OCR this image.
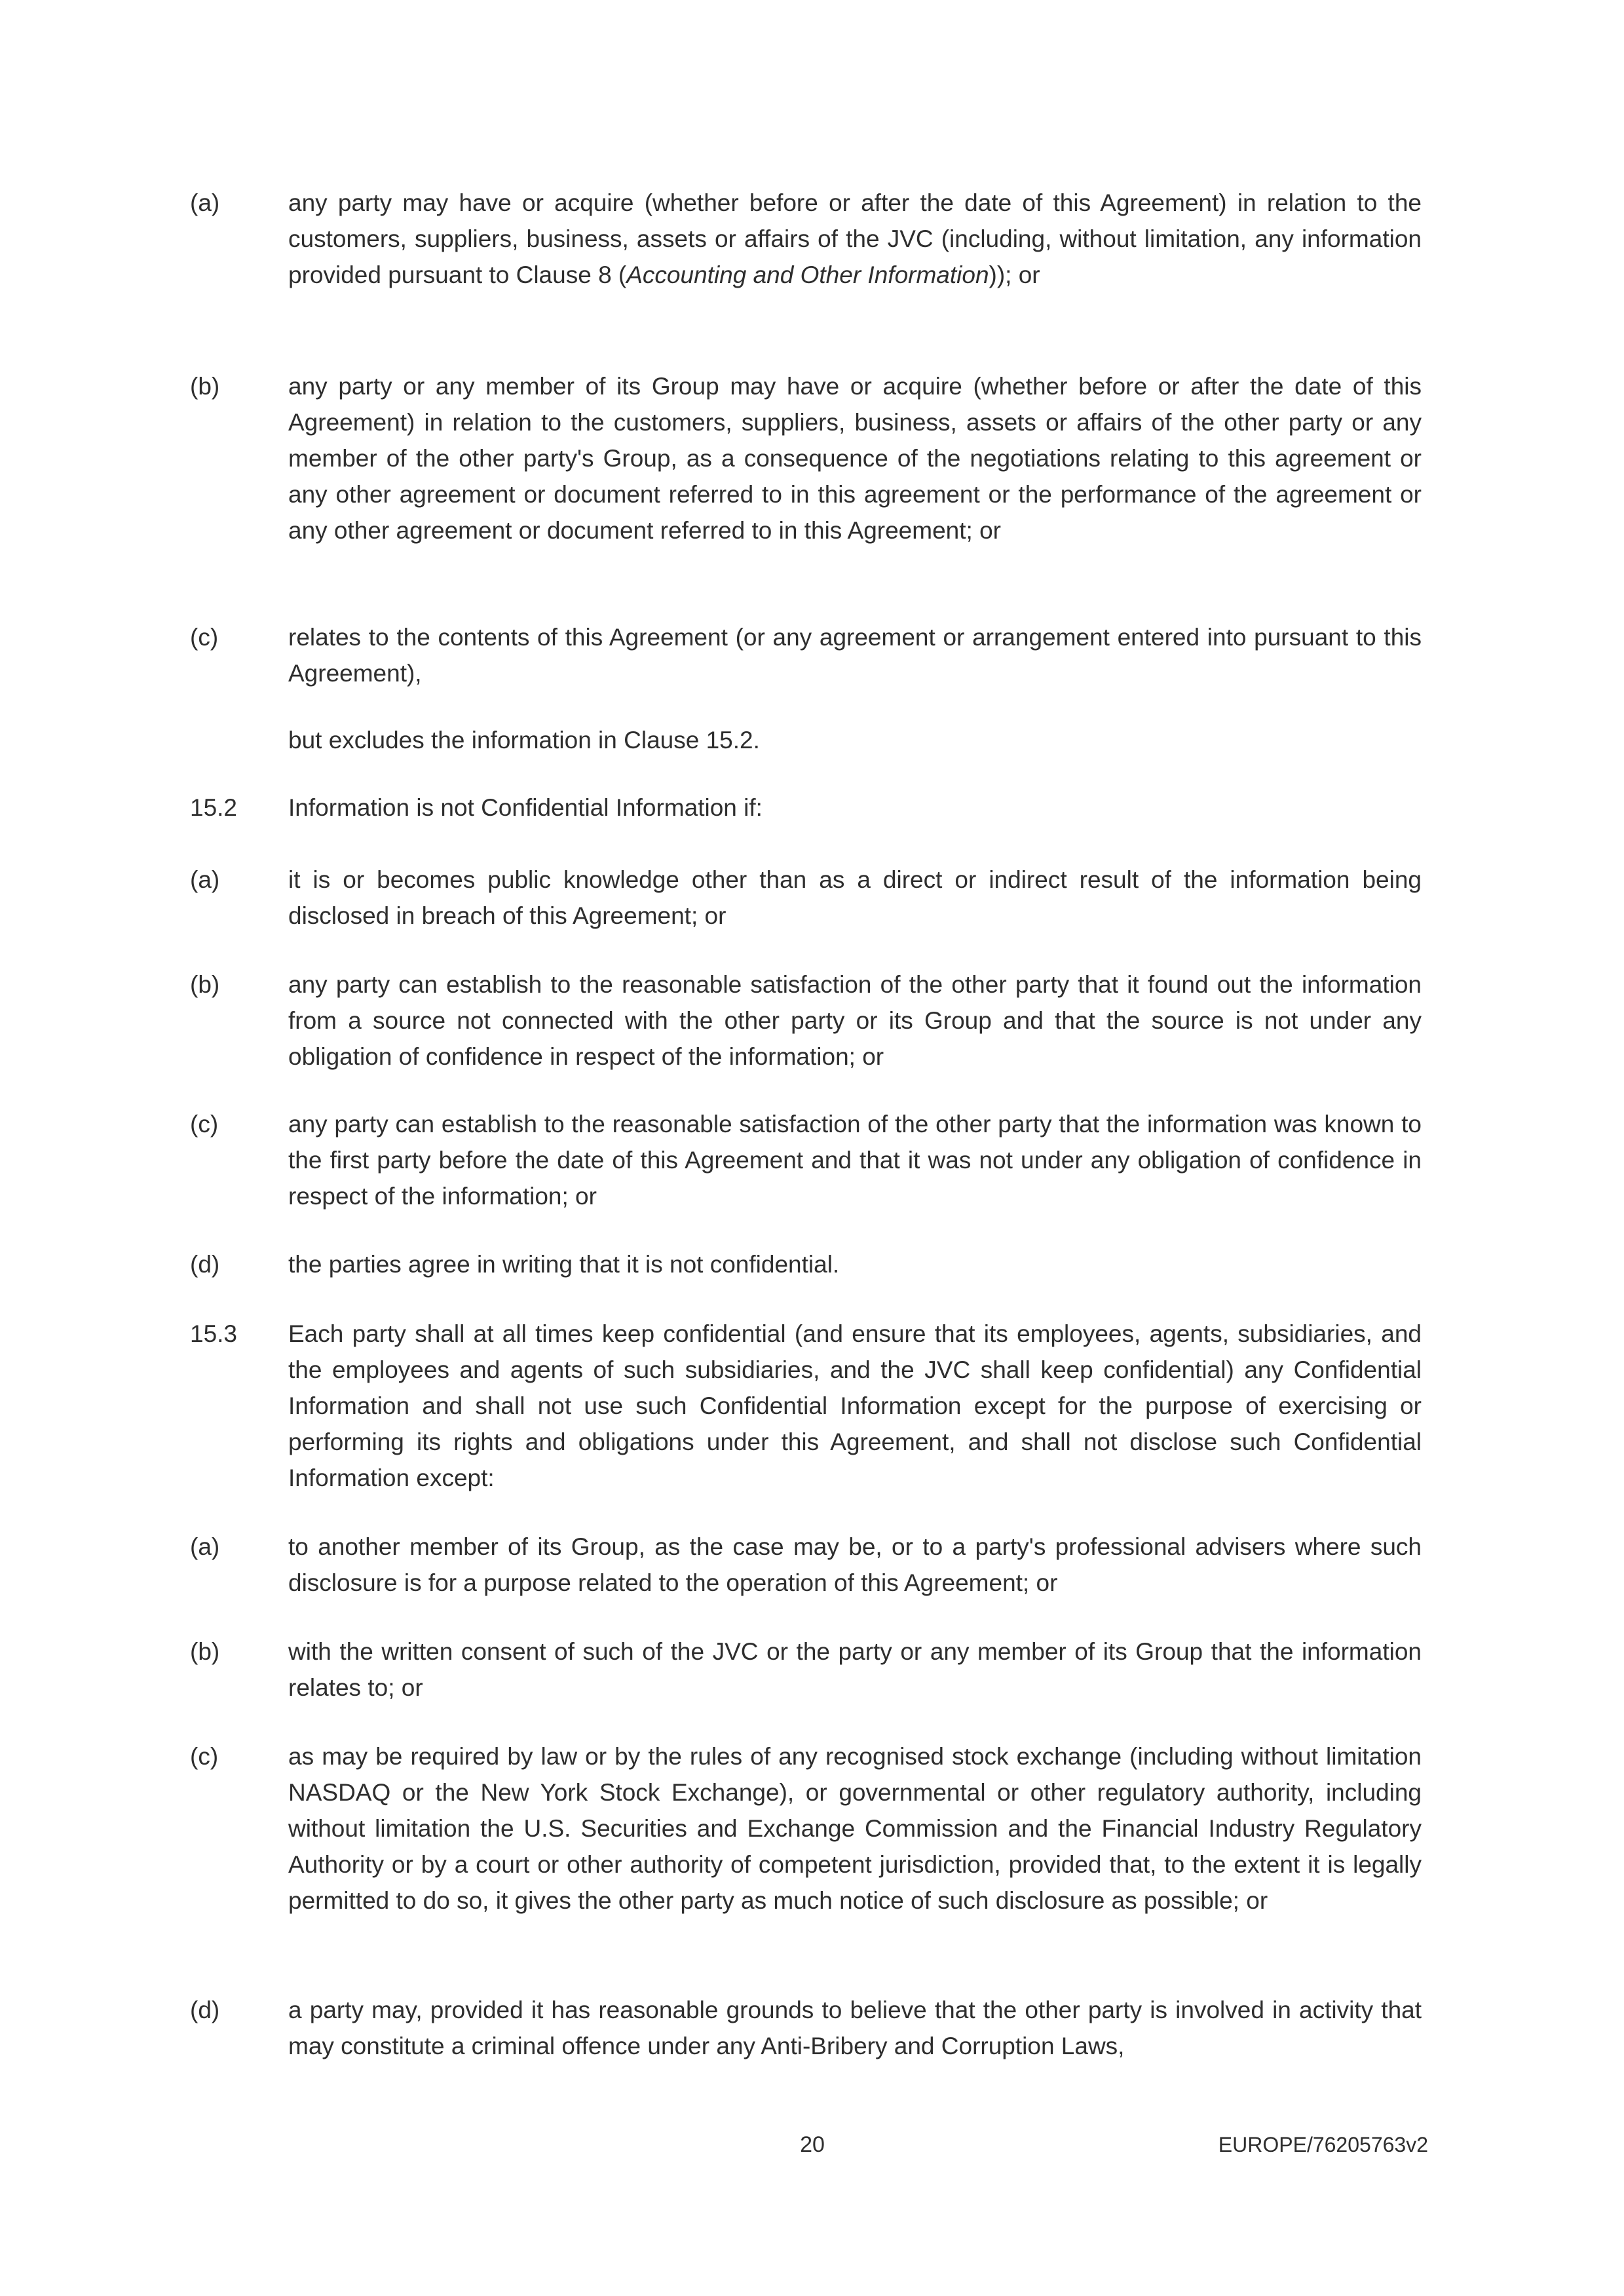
(a)	any party may have or acquire (whether before or after the date of this Agreement) in relation to the customers, suppliers, business, assets or affairs of the JVC (including, without limitation, any information provided pursuant to Clause 8 (Accounting and Other Information)); or
(b)	any party or any member of its Group may have or acquire (whether before or after the date of this Agreement) in relation to the customers, suppliers, business, assets or affairs of the other party or any member of the other party's Group, as a consequence of the negotiations relating to this agreement or any other agreement or document referred to in this agreement or the performance of the agreement or any other agreement or document referred to in this Agreement; or
(c)	relates to the contents of this Agreement (or any agreement or arrangement entered into pursuant to this Agreement),
but excludes the information in Clause 15.2.
15.2 Information is not Confidential Information if:
(a)	it is or becomes public knowledge other than as a direct or indirect result of the information being disclosed in breach of this Agreement; or
(b)	any party can establish to the reasonable satisfaction of the other party that it found out the information from a source not connected with the other party or its Group and that the source is not under any obligation of confidence in respect of the information; or
(c)	any party can establish to the reasonable satisfaction of the other party that the information was known to the first party before the date of this Agreement and that it was not under any obligation of confidence in respect of the information; or
(d)	the parties agree in writing that it is not confidential.
15.3 Each party shall at all times keep confidential (and ensure that its employees, agents, subsidiaries, and the employees and agents of such subsidiaries, and the JVC shall keep confidential) any Confidential Information and shall not use such Confidential Information except for the purpose of exercising or performing its rights and obligations under this Agreement, and shall not disclose such Confidential Information except:
(a)	to another member of its Group, as the case may be, or to a party's professional advisers where such disclosure is for a purpose related to the operation of this Agreement; or
(b)	with the written consent of such of the JVC or the party or any member of its Group that the information relates to; or
(c)	as may be required by law or by the rules of any recognised stock exchange (including without limitation NASDAQ or the New York Stock Exchange), or governmental or other regulatory authority, including without limitation the U.S. Securities and Exchange Commission and the Financial Industry Regulatory Authority or by a court or other authority of competent jurisdiction, provided that, to the extent it is legally permitted to do so, it gives the other party as much notice of such disclosure as possible; or
(d)	a party may, provided it has reasonable grounds to believe that the other party is involved in activity that may constitute a criminal offence under any Anti-Bribery and Corruption Laws,
20	EUROPE/76205763v2
